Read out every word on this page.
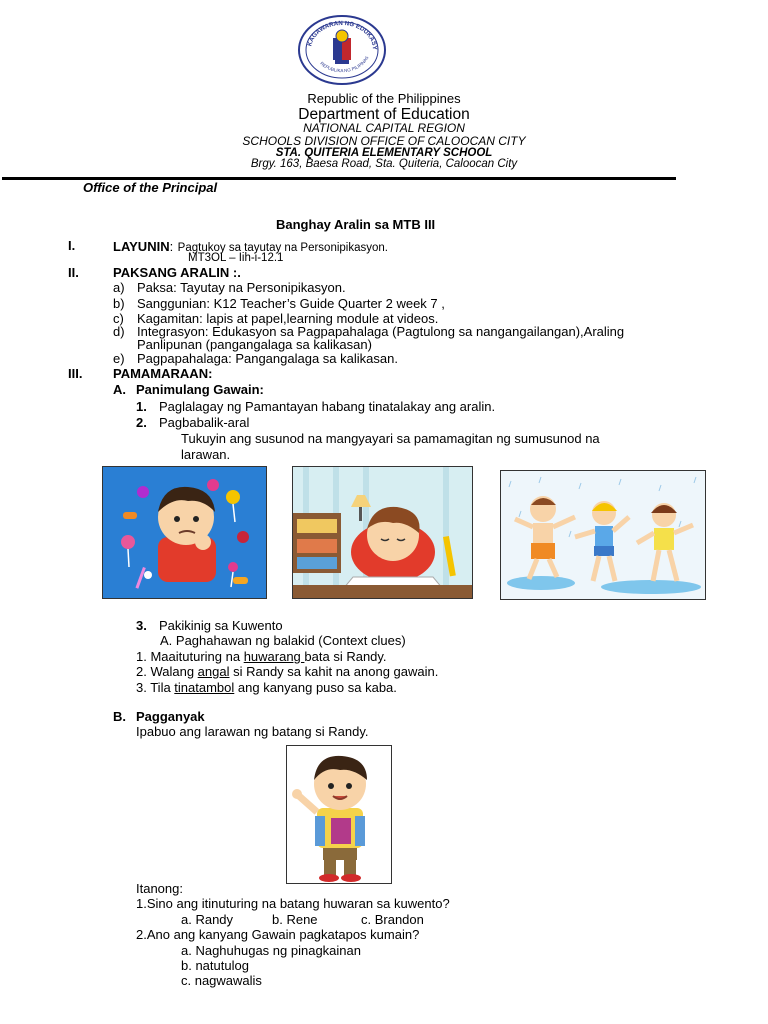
KAGAWARAN NG EDUKASY
REPUBLIKA NG PILIPINAS
Republic of the Philippines
Department of Education
NATIONAL CAPITAL REGION
SCHOOLS DIVISION OFFICE OF CALOOCAN CITY
STA. QUITERIA ELEMENTARY SCHOOL
Brgy. 163, Baesa Road, Sta. Quiteria, Caloocan City
Office of the Principal
Banghay Aralin sa MTB III
I.	LAYUNIN: Pagtukoy sa tayutay na Personipikasyon.
MT3OL – Iih-i-12.1
II.	PAKSANG ARALIN :.
a) Paksa: Tayutay na Personipikasyon.
b) Sanggunian: K12 Teacher’s Guide Quarter 2 week 7 ,
c) Kagamitan: lapis at papel,learning module at videos.
d) Integrasyon: Edukasyon sa Pagpapahalaga (Pagtulong sa nangangailangan),Araling
Panlipunan (pangangalaga sa kalikasan)
e) Pagpapahalaga: Pangangalaga sa kalikasan.
III. PAMAMARAAN:
A. Panimulang Gawain:
1. Paglalagay ng Pamantayan habang tinatalakay ang aralin.
2. Pagbabalik-aral
Tukuyin ang susunod na mangyayari sa pamamagitan ng sumusunod na
larawan.
3. Pakikinig sa Kuwento
A. Paghahawan ng balakid (Context clues)
1. Maaituturing na huwarang bata si Randy.
2. Walang angal si Randy sa kahit na anong gawain.
3. Tila tinatambol ang kanyang puso sa kaba.
B. Pagganyak
Ipabuo ang larawan ng batang si Randy.
Itanong:
1.Sino ang itinuturing na batang huwaran sa kuwento?
a. Randy	b. Rene	c. Brandon
2.Ano ang kanyang Gawain pagkatapos kumain?
a. Naghuhugas ng pinagkainan
b. natutulog
c. nagwawalis
